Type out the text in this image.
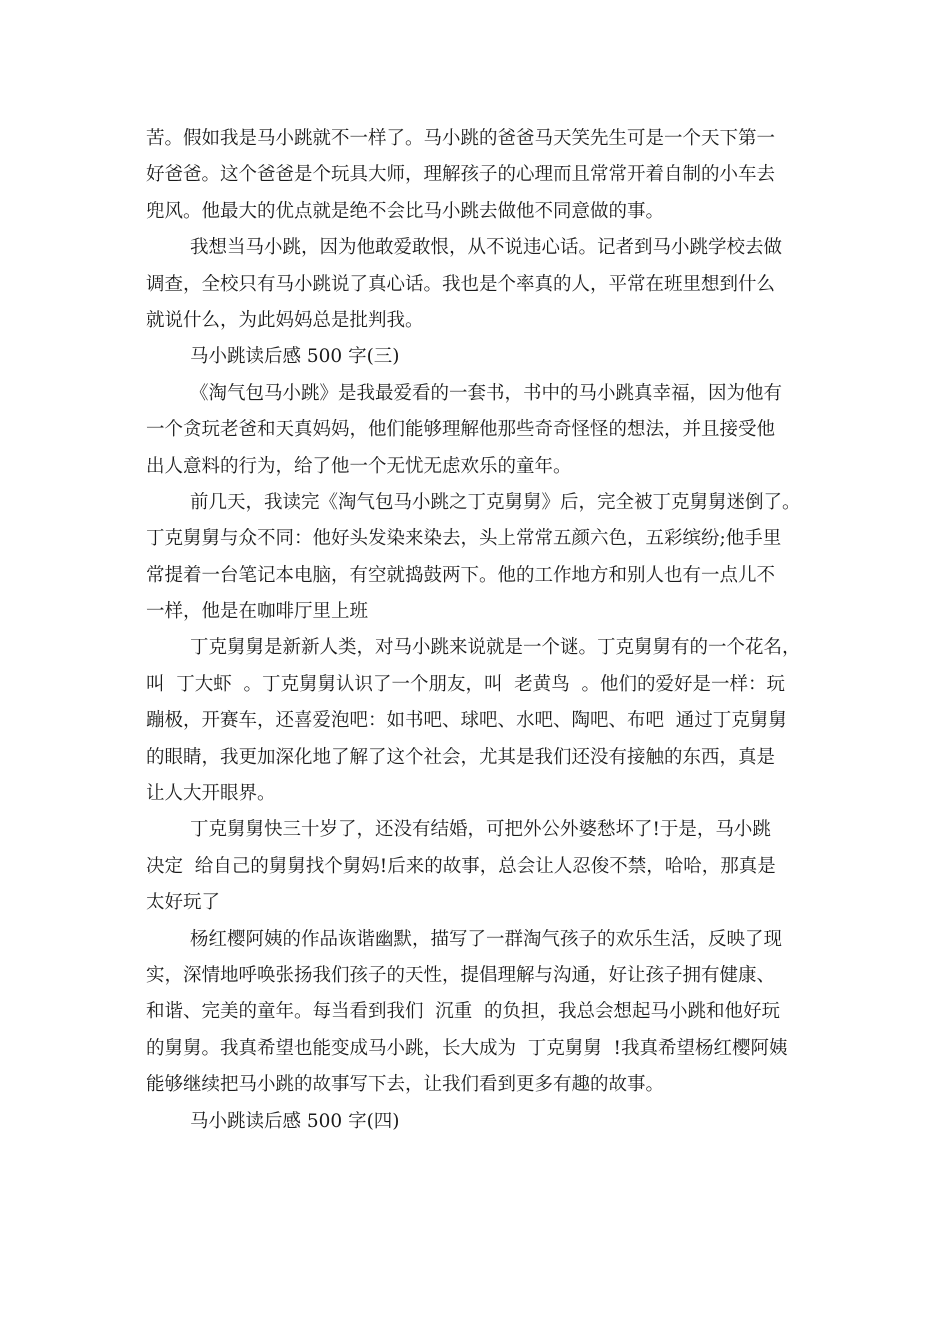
苦。假如我是马小跳就不一样了。马小跳的爸爸马天笑先生可是一个天下第一
好爸爸。这个爸爸是个玩具大师，理解孩子的心理而且常常开着自制的小车去
兜风。他最大的优点就是绝不会比马小跳去做他不同意做的事。
我想当马小跳，因为他敢爱敢恨，从不说违心话。记者到马小跳学校去做
调查，全校只有马小跳说了真心话。我也是个率真的人，平常在班里想到什么
就说什么，为此妈妈总是批判我。
马小跳读后感 500 字(三)
《淘气包马小跳》是我最爱看的一套书，书中的马小跳真幸福，因为他有
一个贪玩老爸和天真妈妈，他们能够理解他那些奇奇怪怪的想法，并且接受他
出人意料的行为，给了他一个无忧无虑欢乐的童年。
前几天，我读完《淘气包马小跳之丁克舅舅》后，完全被丁克舅舅迷倒了。
丁克舅舅与众不同：他好头发染来染去，头上常常五颜六色，五彩缤纷;他手里
常提着一台笔记本电脑，有空就捣鼓两下。他的工作地方和别人也有一点儿不
一样，他是在咖啡厅里上班
丁克舅舅是新新人类，对马小跳来说就是一个谜。丁克舅舅有的一个花名，
叫  丁大虾  。丁克舅舅认识了一个朋友，叫  老黄鸟  。他们的爱好是一样：玩
蹦极，开赛车，还喜爱泡吧：如书吧、球吧、水吧、陶吧、布吧  通过丁克舅舅
的眼睛，我更加深化地了解了这个社会，尤其是我们还没有接触的东西，真是
让人大开眼界。
丁克舅舅快三十岁了，还没有结婚，可把外公外婆愁坏了!于是，马小跳
决定  给自己的舅舅找个舅妈!后来的故事，总会让人忍俊不禁，哈哈，那真是
太好玩了
杨红樱阿姨的作品诙谐幽默，描写了一群淘气孩子的欢乐生活，反映了现
实，深情地呼唤张扬我们孩子的天性，提倡理解与沟通，好让孩子拥有健康、
和谐、完美的童年。每当看到我们  沉重  的负担，我总会想起马小跳和他好玩
的舅舅。我真希望也能变成马小跳，长大成为  丁克舅舅  !我真希望杨红樱阿姨
能够继续把马小跳的故事写下去，让我们看到更多有趣的故事。
马小跳读后感 500 字(四)
